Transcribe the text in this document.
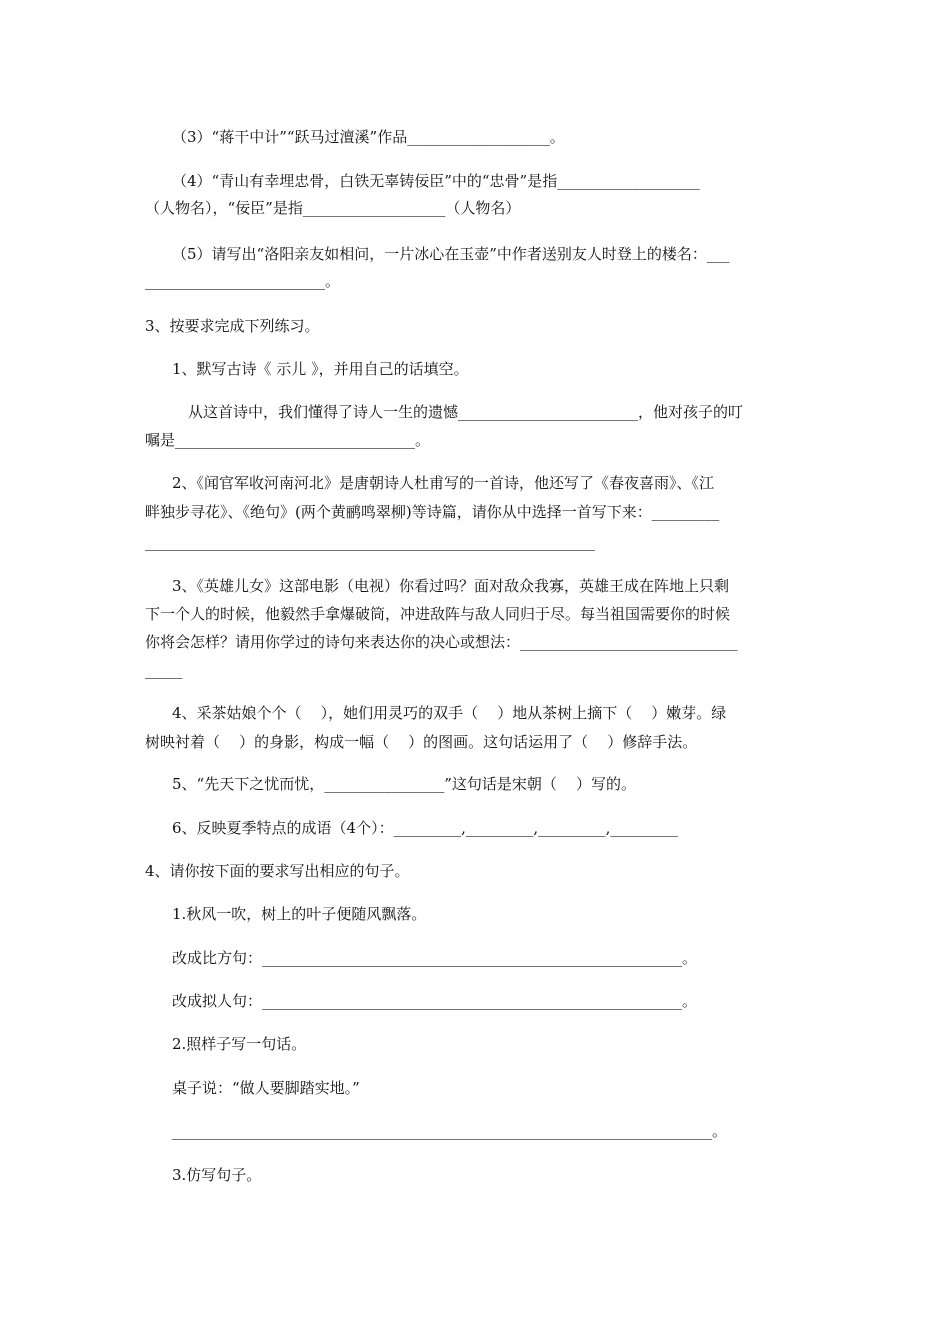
（3）“蒋干中计”“跃马过澶溪”作品___________________。
（4）“青山有幸埋忠骨，白铁无辜铸佞臣”中的“忠骨”是指___________________
（人物名），“佞臣”是指___________________（人物名）
（5）请写出“洛阳亲友如相问，一片冰心在玉壶”中作者送别友人时登上的楼名：___
________________________。
3、按要求完成下列练习。
1、默写古诗《 示儿 》，并用自己的话填空。
从这首诗中，我们懂得了诗人一生的遗憾________________________，他对孩子的叮
嘱是________________________________。
2、《闻官军收河南河北》是唐朝诗人杜甫写的一首诗，他还写了《春夜喜雨》、《江
畔独步寻花》、《绝句》(两个黄鹂鸣翠柳)等诗篇，请你从中选择一首写下来：_________
____________________________________________________________
3、《英雄儿女》这部电影（电视）你看过吗？面对敌众我寡，英雄王成在阵地上只剩
下一个人的时候，他毅然手拿爆破筒，冲进敌阵与敌人同归于尽。每当祖国需要你的时候
你将会怎样？请用你学过的诗句来表达你的决心或想法：_____________________________
_____
4、采茶姑娘个个（    ），她们用灵巧的双手（    ）地从茶树上摘下（    ）嫩芽。绿
树映衬着（    ）的身影，构成一幅（    ）的图画。这句话运用了（    ）修辞手法。
5、“先天下之忧而忧，________________”这句话是宋朝（    ）写的。
6、反映夏季特点的成语（4个）：_________,_________,_________,_________
4、请你按下面的要求写出相应的句子。
1.秋风一吹，树上的叶子便随风飘落。
改成比方句：________________________________________________________。
改成拟人句：________________________________________________________。
2.照样子写一句话。
桌子说：“做人要脚踏实地。”
________________________________________________________________________。
3.仿写句子。
